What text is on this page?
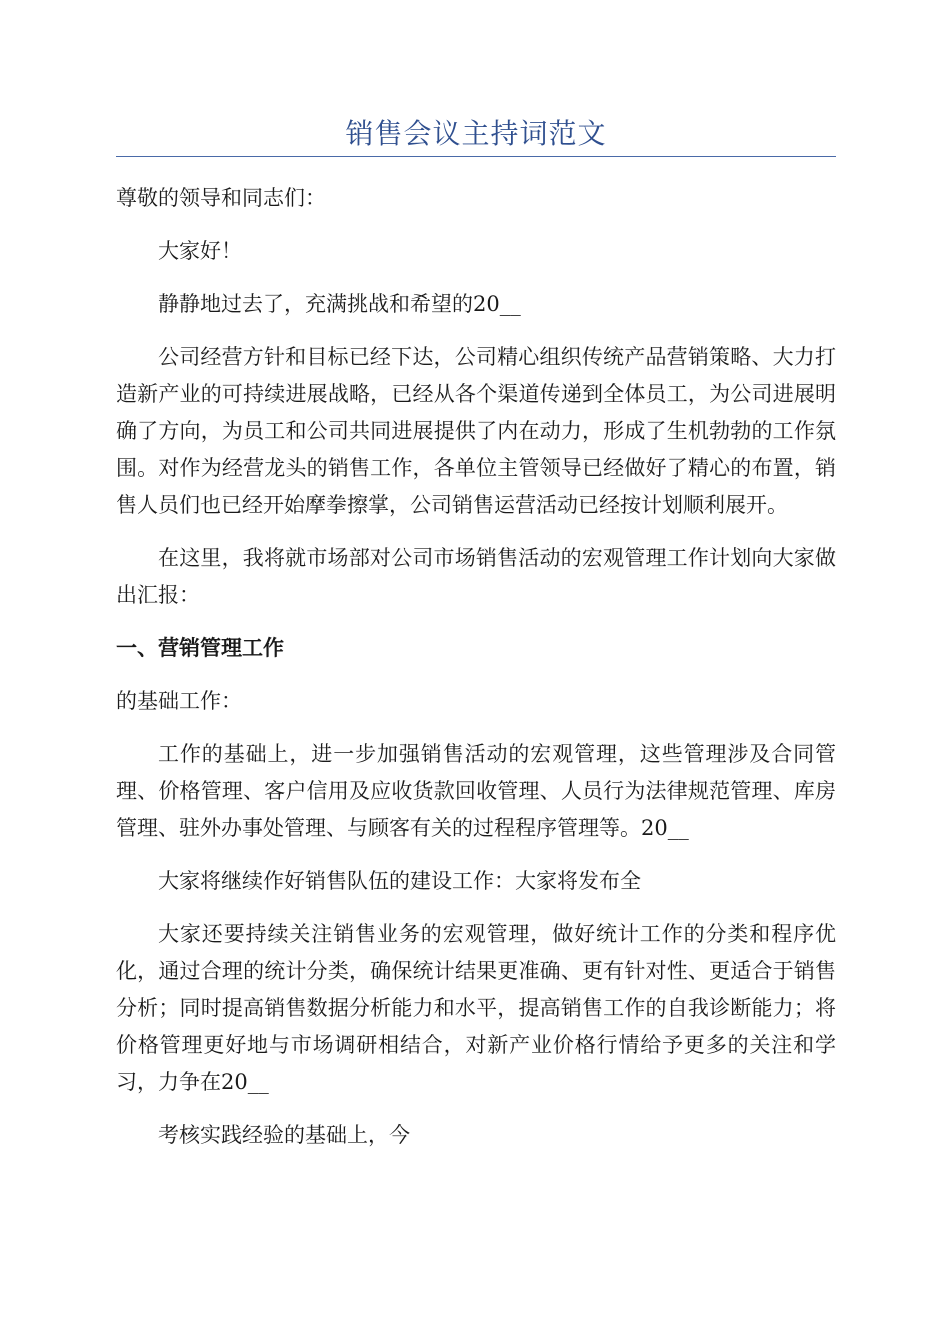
销售会议主持词范文

尊敬的领导和同志们：

大家好！

静静地过去了，充满挑战和希望的20__

公司经营方针和目标已经下达，公司精心组织传统产品营销策略、大力打造新产业的可持续进展战略，已经从各个渠道传递到全体员工，为公司进展明确了方向，为员工和公司共同进展提供了内在动力，形成了生机勃勃的工作氛围。对作为经营龙头的销售工作，各单位主管领导已经做好了精心的布置，销售人员们也已经开始摩拳擦掌，公司销售运营活动已经按计划顺利展开。

在这里，我将就市场部对公司市场销售活动的宏观管理工作计划向大家做出汇报：

一、营销管理工作

的基础工作：

工作的基础上，进一步加强销售活动的宏观管理，这些管理涉及合同管理、价格管理、客户信用及应收货款回收管理、人员行为法律规范管理、库房管理、驻外办事处管理、与顾客有关的过程程序管理等。20__

大家将继续作好销售队伍的建设工作：大家将发布全

大家还要持续关注销售业务的宏观管理，做好统计工作的分类和程序优化，通过合理的统计分类，确保统计结果更准确、更有针对性、更适合于销售分析；同时提高销售数据分析能力和水平，提高销售工作的自我诊断能力；将价格管理更好地与市场调研相结合，对新产业价格行情给予更多的关注和学习，力争在20__

考核实践经验的基础上，今
